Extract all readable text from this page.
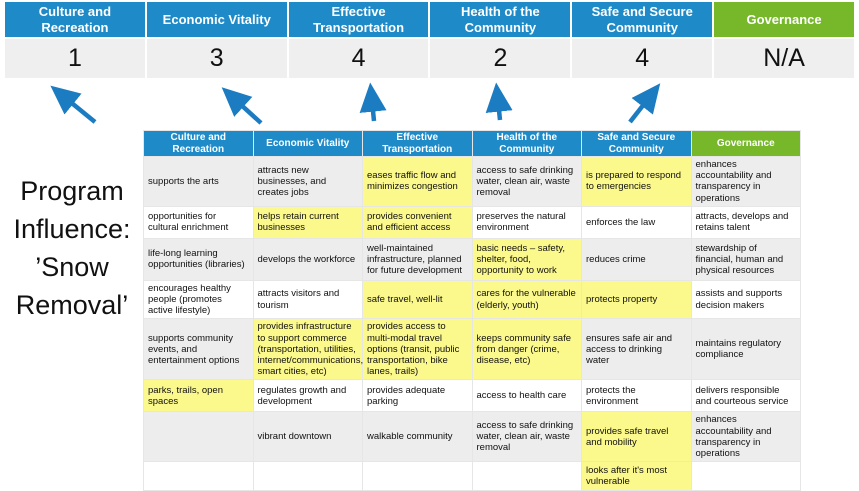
Culture and Recreation
1
Economic Vitality
3
Effective Transportation
4
Health of the Community
2
Safe and Secure Community
4
Governance
N/A
Program
Influence:
’Snow
Removal’
Culture and Recreation	Economic Vitality	Effective Transportation	Health of the Community	Safe and Secure Community	Governance
supports the arts	attracts new businesses, and creates jobs	eases traffic flow and minimizes congestion	access to safe drinking water, clean air, waste removal	is prepared to respond to emergencies	enhances accountability and transparency in operations
opportunities for cultural enrichment	helps retain current businesses	provides convenient and efficient access	preserves the natural environment	enforces the law	attracts, develops and retains talent
life-long learning opportunities (libraries)	develops the workforce	well-maintained infrastructure, planned for future development	basic needs – safety, shelter, food, opportunity to work	reduces crime	stewardship of financial, human and physical resources
encourages healthy people (promotes active lifestyle)	attracts visitors and tourism	safe travel, well-lit	cares for the vulnerable (elderly, youth)	protects property	assists and supports decision makers
supports community events, and entertainment options	provides infrastructure to support commerce (transportation, utilities, internet/communications, smart cities, etc)	provides access to multi-modal travel options (transit, public transportation, bike lanes, trails)	keeps community safe from danger (crime, disease, etc)	ensures safe air and access to drinking water	maintains regulatory compliance
parks, trails, open spaces	regulates growth and development	provides adequate parking	access to health care	protects the environment	delivers responsible and courteous service
	vibrant downtown	walkable community	access to safe drinking water, clean air, waste removal	provides safe travel and mobility	enhances accountability and transparency in operations
				looks after it's most vulnerable	
